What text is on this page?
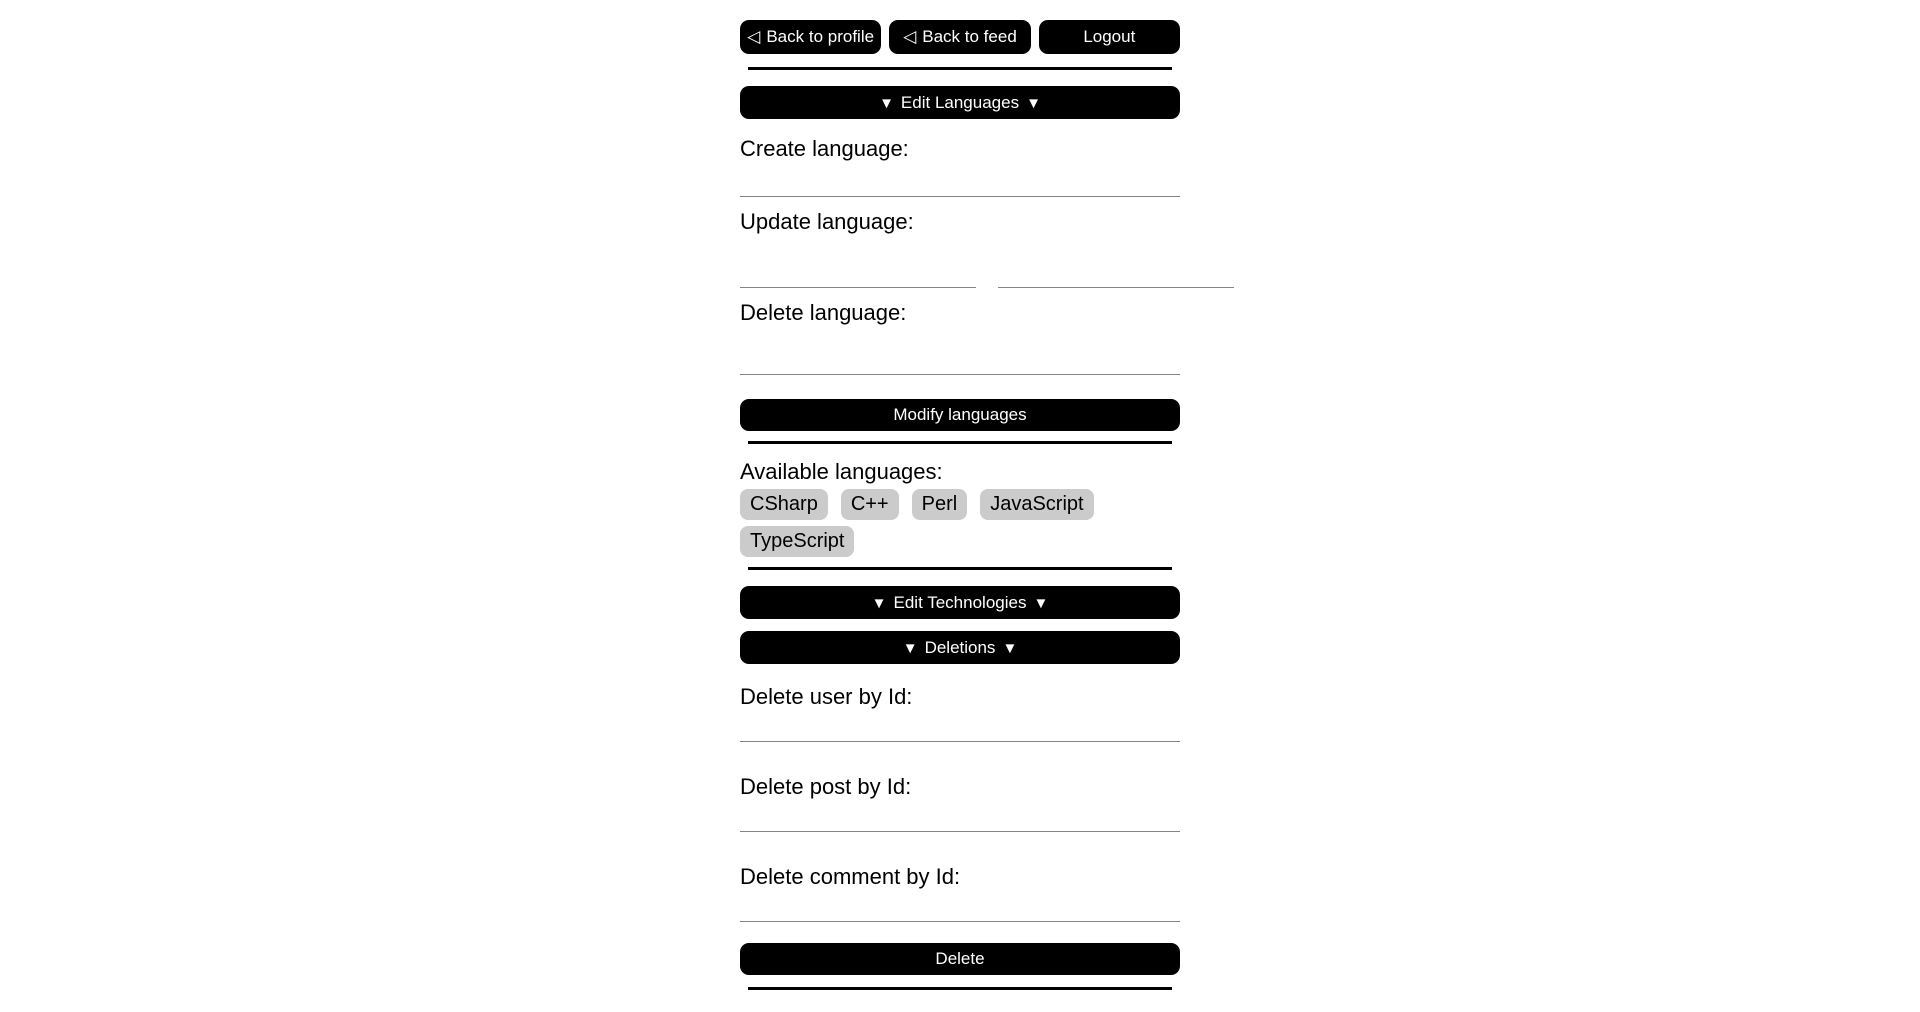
◁ Back to profile	◁ Back to feed	Logout
▼ Edit Languages ▼
Create language:
Update language:
Delete language:
Modify languages
Available languages:
CSharp	C++	Perl	JavaScript
TypeScript
▼ Edit Technologies ▼
▼ Deletions ▼
Delete user by Id:
Delete post by Id:
Delete comment by Id:
Delete
